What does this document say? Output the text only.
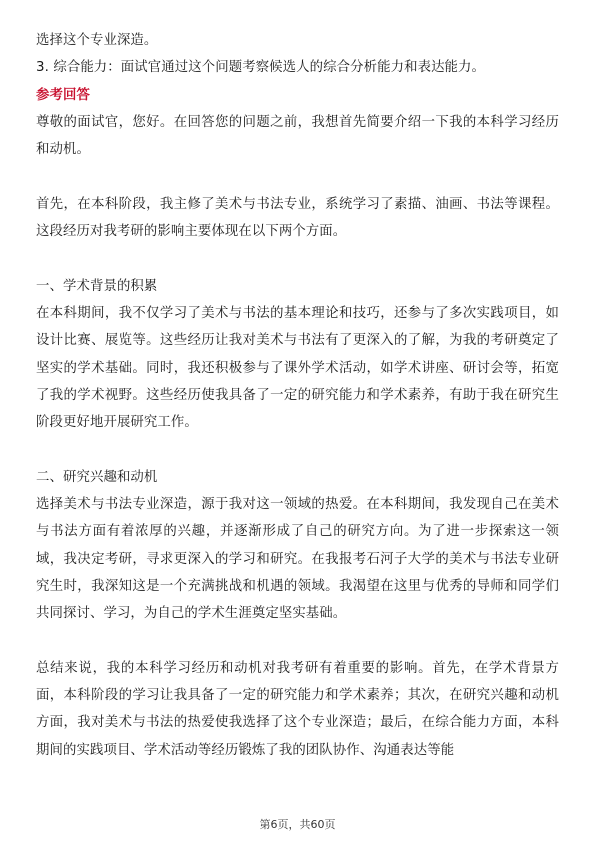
选择这个专业深造。

3. 综合能力：面试官通过这个问题考察候选人的综合分析能力和表达能力。

参考回答

尊敬的面试官，您好。在回答您的问题之前，我想首先简要介绍一下我的本科学习经历和动机。

首先，在本科阶段，我主修了美术与书法专业，系统学习了素描、油画、书法等课程。这段经历对我考研的影响主要体现在以下两个方面。

一、学术背景的积累

在本科期间，我不仅学习了美术与书法的基本理论和技巧，还参与了多次实践项目，如设计比赛、展览等。这些经历让我对美术与书法有了更深入的了解，为我的考研奠定了坚实的学术基础。同时，我还积极参与了课外学术活动，如学术讲座、研讨会等，拓宽了我的学术视野。这些经历使我具备了一定的研究能力和学术素养，有助于我在研究生阶段更好地开展研究工作。

二、研究兴趣和动机

选择美术与书法专业深造，源于我对这一领域的热爱。在本科期间，我发现自己在美术与书法方面有着浓厚的兴趣，并逐渐形成了自己的研究方向。为了进一步探索这一领域，我决定考研，寻求更深入的学习和研究。在我报考石河子大学的美术与书法专业研究生时，我深知这是一个充满挑战和机遇的领域。我渴望在这里与优秀的导师和同学们共同探讨、学习，为自己的学术生涯奠定坚实基础。

总结来说，我的本科学习经历和动机对我考研有着重要的影响。首先，在学术背景方面，本科阶段的学习让我具备了一定的研究能力和学术素养；其次，在研究兴趣和动机方面，我对美术与书法的热爱使我选择了这个专业深造；最后，在综合能力方面，本科期间的实践项目、学术活动等经历锻炼了我的团队协作、沟通表达等能

第6页，共60页
